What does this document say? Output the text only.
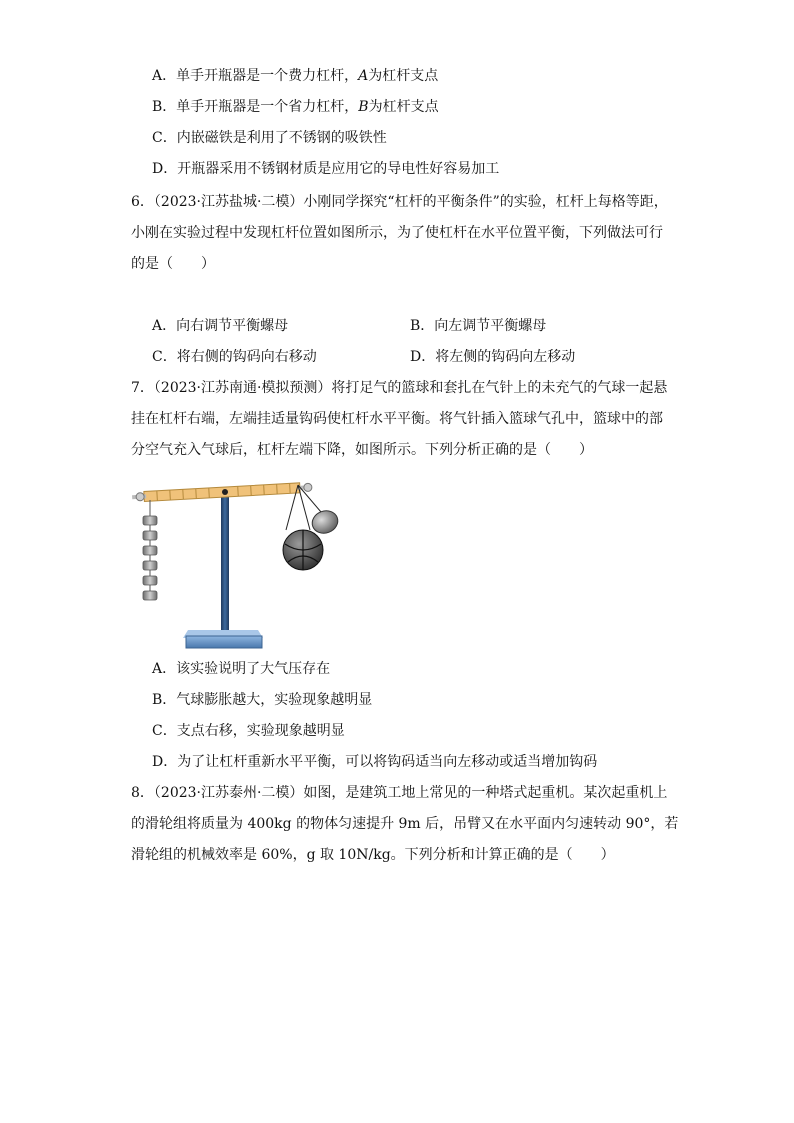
A．单手开瓶器是一个费力杠杆，A为杠杆支点
B．单手开瓶器是一个省力杠杆，B为杠杆支点
C．内嵌磁铁是利用了不锈钢的吸铁性
D．开瓶器采用不锈钢材质是应用它的导电性好容易加工
6．（2023·江苏盐城·二模）小刚同学探究“杠杆的平衡条件”的实验，杠杆上每格等距，
小刚在实验过程中发现杠杆位置如图所示，为了使杠杆在水平位置平衡，下列做法可行
的是（　　）
A．向右调节平衡螺母	B．向左调节平衡螺母
C．将右侧的钩码向右移动	D．将左侧的钩码向左移动
7．（2023·江苏南通·模拟预测）将打足气的篮球和套扎在气针上的未充气的气球一起悬
挂在杠杆右端，左端挂适量钩码使杠杆水平平衡。将气针插入篮球气孔中，篮球中的部
分空气充入气球后，杠杆左端下降，如图所示。下列分析正确的是（　　）
A．该实验说明了大气压存在
B．气球膨胀越大，实验现象越明显
C．支点右移，实验现象越明显
D．为了让杠杆重新水平平衡，可以将钩码适当向左移动或适当增加钩码
8．（2023·江苏泰州·二模）如图，是建筑工地上常见的一种塔式起重机。某次起重机上
的滑轮组将质量为 400kg 的物体匀速提升 9m 后，吊臂又在水平面内匀速转动 90°，若
滑轮组的机械效率是 60%，g 取 10N/kg。下列分析和计算正确的是（　　）
